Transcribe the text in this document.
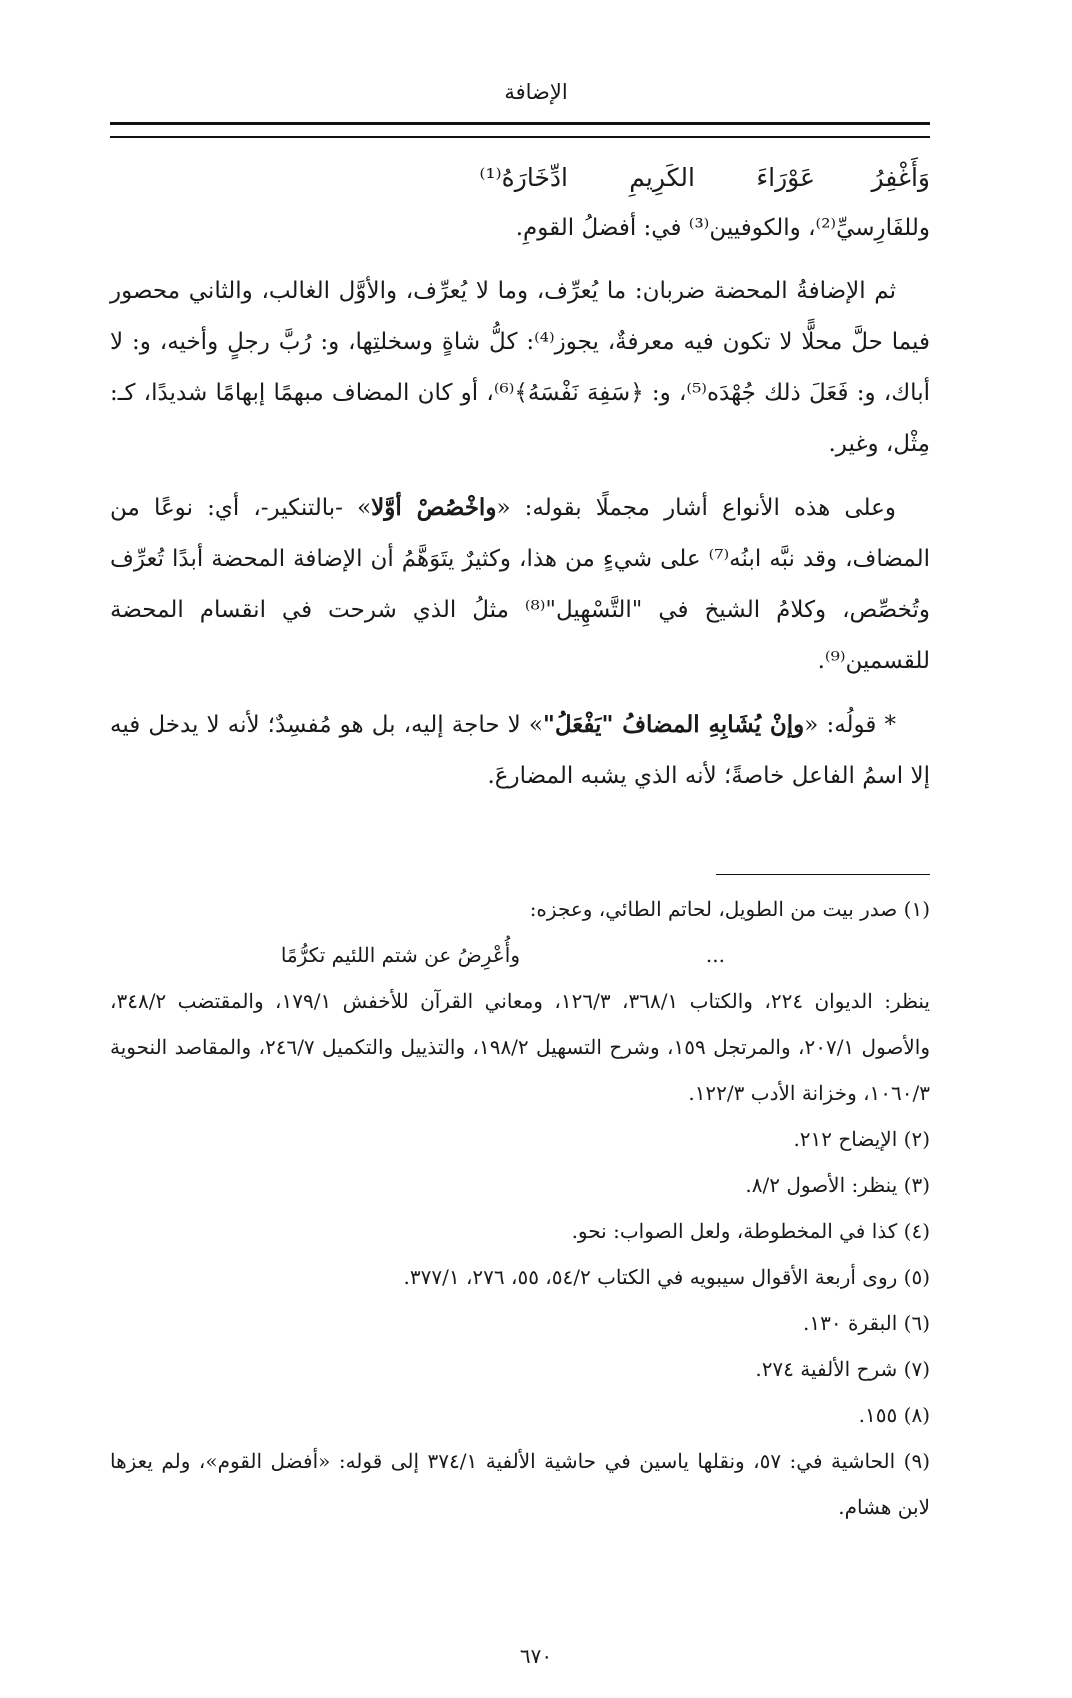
الإضافة
وَأَغْفِرُ
عَوْرَاءَ
الكَرِيمِ
ادِّخَارَهُ⁽¹⁾

وللفَارِسيِّ⁽²⁾، والكوفيين⁽³⁾ في: أفضلُ القومِ.

ثم الإضافةُ المحضة ضربان: ما يُعرِّف، وما لا يُعرِّف، والأوَّل الغالب، والثاني محصور فيما حلَّ محلًّا لا تكون فيه معرفةٌ، يجوز⁽⁴⁾: كلُّ شاةٍ وسخلتِها، و: رُبَّ رجلٍ وأخيه، و: لا أباك، و: فَعَلَ ذلك جُهْدَه⁽⁵⁾، و: ﴿سَفِهَ نَفْسَهُ﴾⁽⁶⁾، أو كان المضاف مبهمًا إبهامًا شديدًا، كـ: مِثْل، وغير.

وعلى هذه الأنواع أشار مجملًا بقوله: «واخْصُصْ أوَّلا» -بالتنكير-، أي: نوعًا من المضاف، وقد نبَّه ابنُه⁽⁷⁾ على شيءٍ من هذا، وكثيرٌ يتَوَهَّمُ أن الإضافة المحضة أبدًا تُعرِّف وتُخصِّص، وكلامُ الشيخ في "التَّسْهِيل"⁽⁸⁾ مثلُ الذي شرحت في انقسام المحضة للقسمين⁽⁹⁾.

* قولُه: «وإنْ يُشَابِهِ المضافُ "يَفْعَلُ"» لا حاجة إليه، بل هو مُفسِدٌ؛ لأنه لا يدخل فيه إلا اسمُ الفاعل خاصةً؛ لأنه الذي يشبه المضارعَ.

(١) صدر بيت من الطويل، لحاتم الطائي، وعجزه:

...
وأُعْرِضُ عن شتم اللئيم تكرُّمًا

ينظر: الديوان ٢٢٤، والكتاب ٣٦٨/١، ١٢٦/٣، ومعاني القرآن للأخفش ١٧٩/١، والمقتضب ٣٤٨/٢، والأصول ٢٠٧/١، والمرتجل ١٥٩، وشرح التسهيل ١٩٨/٢، والتذييل والتكميل ٢٤٦/٧، والمقاصد النحوية ١٠٦٠/٣، وخزانة الأدب ١٢٢/٣.

(٢) الإيضاح ٢١٢.

(٣) ينظر: الأصول ٨/٢.

(٤) كذا في المخطوطة، ولعل الصواب: نحو.

(٥) روى أربعة الأقوال سيبويه في الكتاب ٥٤/٢، ٥٥، ٢٧٦، ٣٧٧/١.

(٦) البقرة ١٣٠.

(٧) شرح الألفية ٢٧٤.

(٨) ١٥٥.

(٩) الحاشية في: ٥٧، ونقلها ياسين في حاشية الألفية ٣٧٤/١ إلى قوله: «أفضل القوم»، ولم يعزها لابن هشام.

٦٧٠
